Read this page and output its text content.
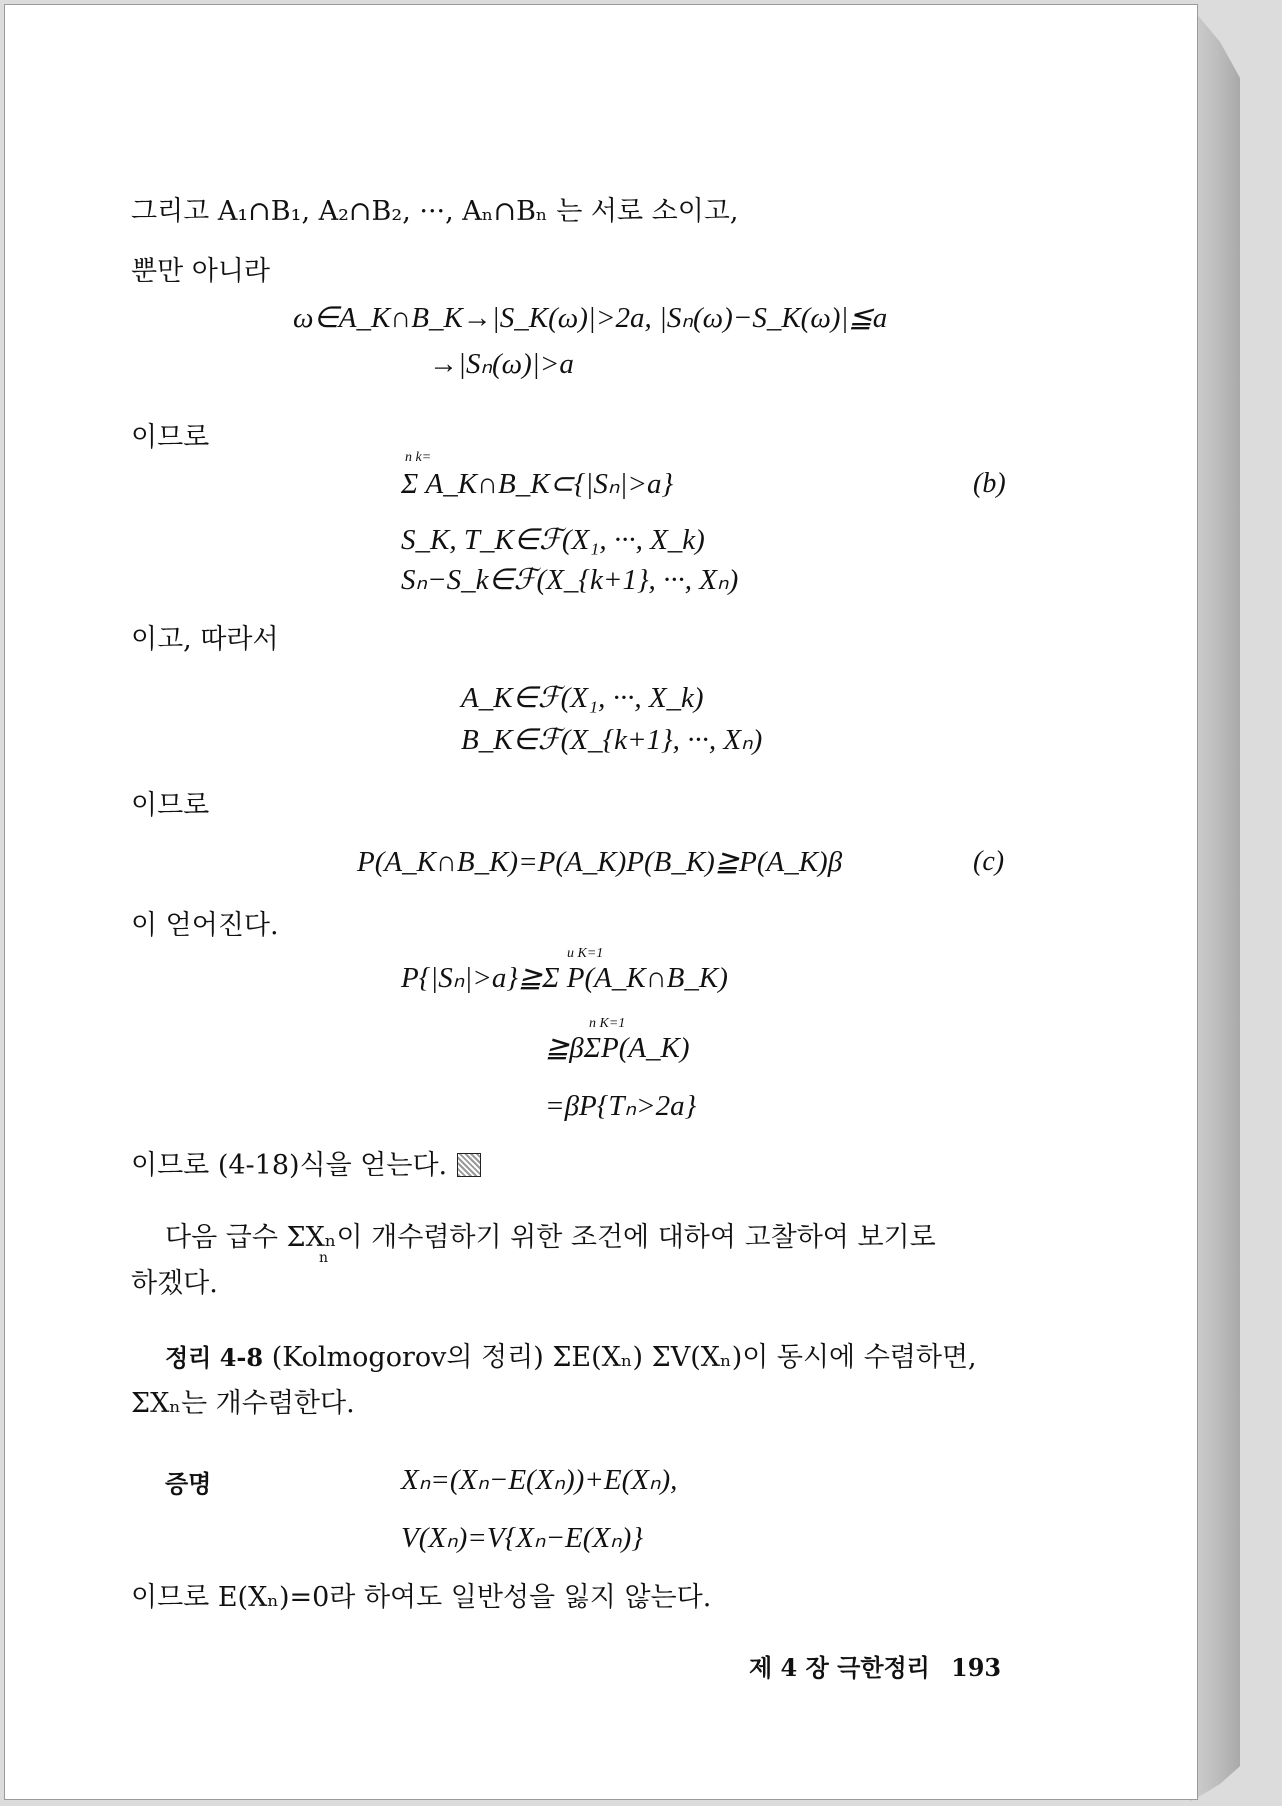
그리고 A₁∩B₁, A₂∩B₂, ···, Aₙ∩Bₙ 는 서로 소이고,
뿐만 아니라
ω∈A_K∩B_K→|S_K(ω)|>2a, |Sₙ(ω)−S_K(ω)|≦a
→|Sₙ(ω)|>a
이므로
Σ A_K∩B_K⊂{|Sₙ|>a}
n k=
(b)
S_K, T_K∈ℱ(X₁, ···, X_k)
Sₙ−S_k∈ℱ(X_{k+1}, ···, Xₙ)
이고, 따라서
A_K∈ℱ(X₁, ···, X_k)
B_K∈ℱ(X_{k+1}, ···, Xₙ)
이므로
P(A_K∩B_K)=P(A_K)P(B_K)≧P(A_K)β	(c)
이 얻어진다.
P{|Sₙ|>a}≧Σ P(A_K∩B_K)
u K=1
≧βΣP(A_K)
n K=1
=βP{Tₙ>2a}
이므로 (4-18)식을 얻는다.
다음 급수 ΣXₙ이 개수렴하기 위한 조건에 대하여 고찰하여 보기로
n
하겠다.
정리 4-8 (Kolmogorov의 정리) ΣE(Xₙ) ΣV(Xₙ)이 동시에 수렴하면,
ΣXₙ는 개수렴한다.
증명	Xₙ=(Xₙ−E(Xₙ))+E(Xₙ),
V(Xₙ)=V{Xₙ−E(Xₙ)}
이므로 E(Xₙ)=0라 하여도 일반성을 잃지 않는다.
제 4 장 극한정리 193
